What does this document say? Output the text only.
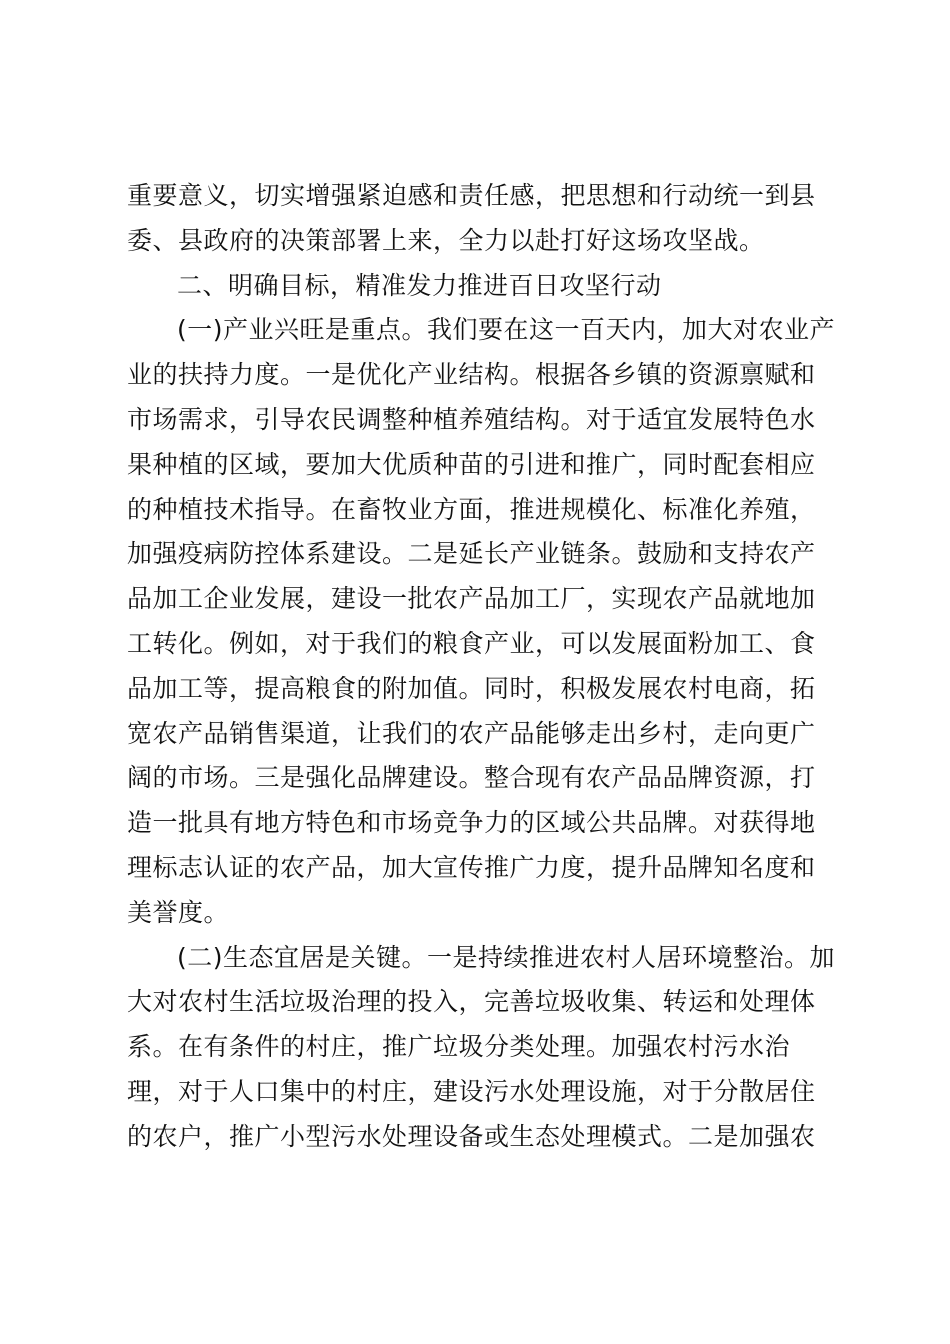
重要意义，切实增强紧迫感和责任感，把思想和行动统一到县
委、县政府的决策部署上来，全力以赴打好这场攻坚战。
二、明确目标，精准发力推进百日攻坚行动
(一)产业兴旺是重点。我们要在这一百天内，加大对农业产
业的扶持力度。一是优化产业结构。根据各乡镇的资源禀赋和
市场需求，引导农民调整种植养殖结构。对于适宜发展特色水
果种植的区域，要加大优质种苗的引进和推广，同时配套相应
的种植技术指导。在畜牧业方面，推进规模化、标准化养殖，
加强疫病防控体系建设。二是延长产业链条。鼓励和支持农产
品加工企业发展，建设一批农产品加工厂，实现农产品就地加
工转化。例如，对于我们的粮食产业，可以发展面粉加工、食
品加工等，提高粮食的附加值。同时，积极发展农村电商，拓
宽农产品销售渠道，让我们的农产品能够走出乡村，走向更广
阔的市场。三是强化品牌建设。整合现有农产品品牌资源，打
造一批具有地方特色和市场竞争力的区域公共品牌。对获得地
理标志认证的农产品，加大宣传推广力度，提升品牌知名度和
美誉度。
(二)生态宜居是关键。一是持续推进农村人居环境整治。加
大对农村生活垃圾治理的投入，完善垃圾收集、转运和处理体
系。在有条件的村庄，推广垃圾分类处理。加强农村污水治
理，对于人口集中的村庄，建设污水处理设施，对于分散居住
的农户，推广小型污水处理设备或生态处理模式。二是加强农
